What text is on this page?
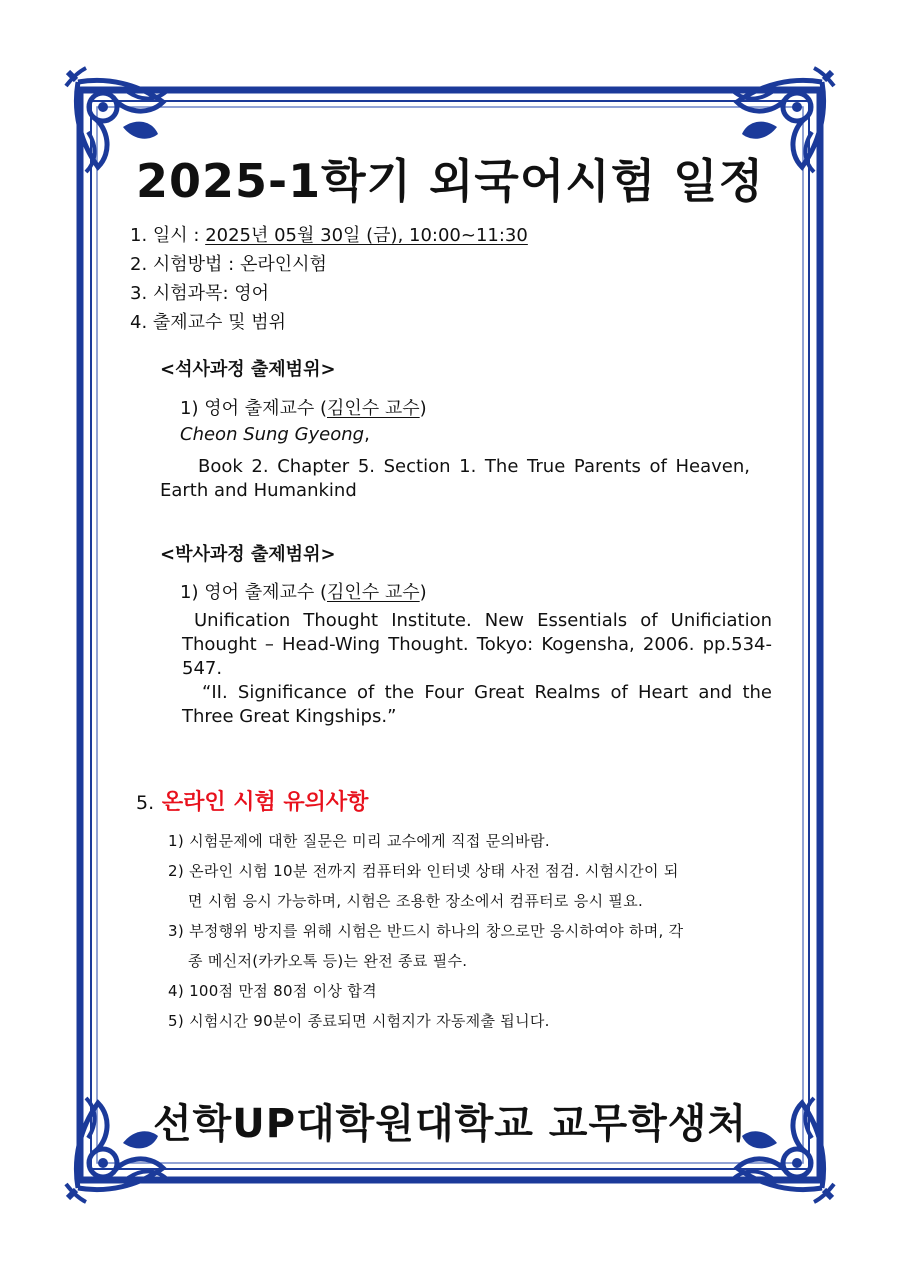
2025-1학기 외국어시험 일정
1. 일시 : 2025년 05월 30일 (금), 10:00~11:30
2. 시험방법 : 온라인시험
3. 시험과목: 영어
4. 출제교수 및 범위
<석사과정 출제범위>
1) 영어 출제교수 (김인수 교수)
Cheon Sung Gyeong,
Book 2. Chapter 5. Section 1. The True Parents of Heaven, Earth and Humankind
<박사과정 출제범위>
1) 영어 출제교수 (김인수 교수)
Unification Thought Institute. New Essentials of Unificiation Thought – Head-Wing Thought. Tokyo: Kogensha, 2006. pp.534-547.
“II. Significance of the Four Great Realms of Heart and the Three Great Kingships.”
5. 온라인 시험 유의사항
1) 시험문제에 대한 질문은 미리 교수에게 직접 문의바람.
2) 온라인 시험 10분 전까지 컴퓨터와 인터넷 상태 사전 점검. 시험시간이 되
면 시험 응시 가능하며, 시험은 조용한 장소에서 컴퓨터로 응시 필요.
3) 부정행위 방지를 위해 시험은 반드시 하나의 창으로만 응시하여야 하며, 각
종 메신저(카카오톡 등)는 완전 종료 필수.
4) 100점 만점 80점 이상 합격
5) 시험시간 90분이 종료되면 시험지가 자동제출 됩니다.
선학UP대학원대학교 교무학생처
